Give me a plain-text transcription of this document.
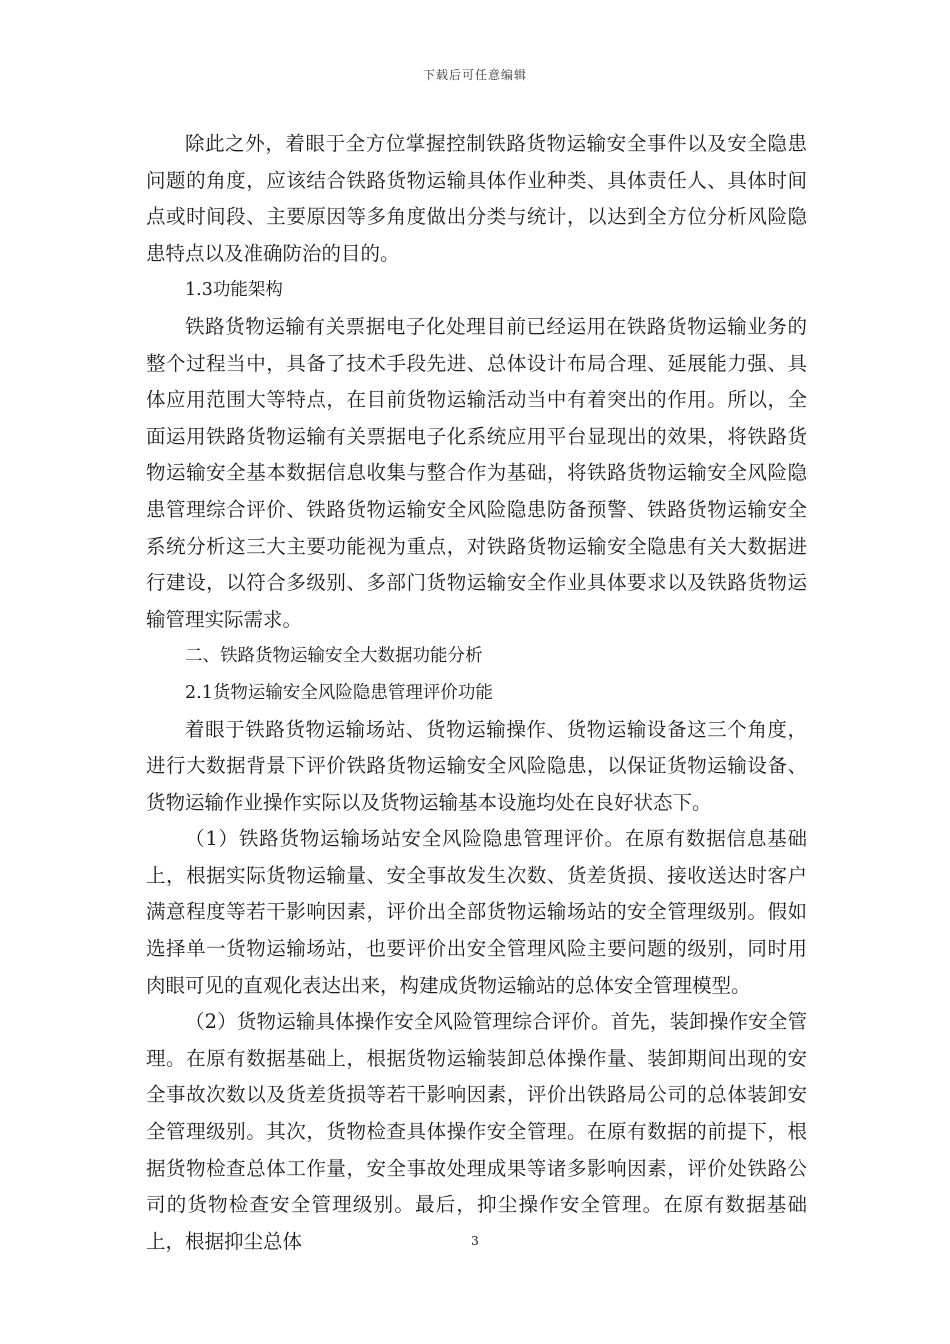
下载后可任意编辑

除此之外，着眼于全方位掌握控制铁路货物运输安全事件以及安全隐患问题的角度，应该结合铁路货物运输具体作业种类、具体责任人、具体时间点或时间段、主要原因等多角度做出分类与统计，以达到全方位分析风险隐患特点以及准确防治的目的。

1.3功能架构

铁路货物运输有关票据电子化处理目前已经运用在铁路货物运输业务的整个过程当中，具备了技术手段先进、总体设计布局合理、延展能力强、具体应用范围大等特点，在目前货物运输活动当中有着突出的作用。所以，全面运用铁路货物运输有关票据电子化系统应用平台显现出的效果，将铁路货物运输安全基本数据信息收集与整合作为基础，将铁路货物运输安全风险隐患管理综合评价、铁路货物运输安全风险隐患防备预警、铁路货物运输安全系统分析这三大主要功能视为重点，对铁路货物运输安全隐患有关大数据进行建设，以符合多级别、多部门货物运输安全作业具体要求以及铁路货物运输管理实际需求。

二、铁路货物运输安全大数据功能分析

2.1货物运输安全风险隐患管理评价功能

着眼于铁路货物运输场站、货物运输操作、货物运输设备这三个角度，进行大数据背景下评价铁路货物运输安全风险隐患，以保证货物运输设备、货物运输作业操作实际以及货物运输基本设施均处在良好状态下。

（1）铁路货物运输场站安全风险隐患管理评价。在原有数据信息基础上，根据实际货物运输量、安全事故发生次数、货差货损、接收送达时客户满意程度等若干影响因素，评价出全部货物运输场站的安全管理级别。假如选择单一货物运输场站，也要评价出安全管理风险主要问题的级别，同时用肉眼可见的直观化表达出来，构建成货物运输站的总体安全管理模型。

（2）货物运输具体操作安全风险管理综合评价。首先，装卸操作安全管理。在原有数据基础上，根据货物运输装卸总体操作量、装卸期间出现的安全事故次数以及货差货损等若干影响因素，评价出铁路局公司的总体装卸安全管理级别。其次，货物检查具体操作安全管理。在原有数据的前提下，根据货物检查总体工作量，安全事故处理成果等诸多影响因素，评价处铁路公司的货物检查安全管理级别。最后，抑尘操作安全管理。在原有数据基础上，根据抑尘总体	3
